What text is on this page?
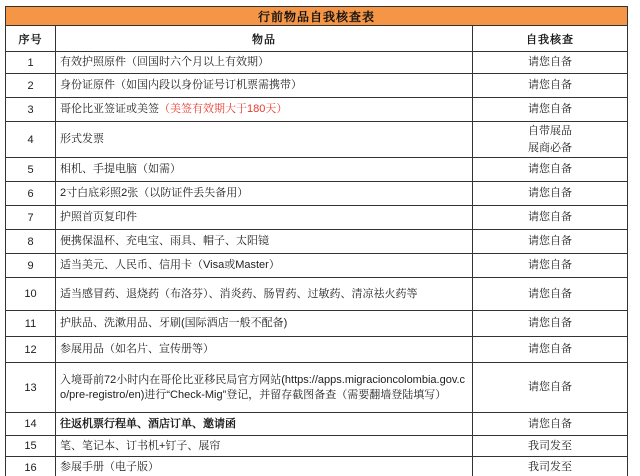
行前物品自我核查表		
序号	物品	自我核查
1	有效护照原件（回国时六个月以上有效期）	请您自备
2	身份证原件（如国内段以身份证号订机票需携带）	请您自备
3	哥伦比亚签证或美签（美签有效期大于180天）	请您自备
4	形式发票	自带展品
展商必备

5	相机、手提电脑（如需）	请您自备
6	2寸白底彩照2张（以防证件丢失备用）	请您自备
7	护照首页复印件	请您自备
8	便携保温杯、充电宝、雨具、帽子、太阳镜	请您自备
9	适当美元、人民币、信用卡（Visa或Master）	请您自备
10	适当感冒药、退烧药（布洛芬）、消炎药、肠胃药、过敏药、清凉祛火药等	请您自备
11	护肤品、洗漱用品、牙刷(国际酒店一般不配备)	请您自备
12	参展用品（如名片、宣传册等）	请您自备
13	入境哥前72小时内在哥伦比亚移民局官方网站(https://apps.migracioncolombia.gov.co/pre-registro/en)进行“Check-Mig”登记，并留存截图备查（需要翻墙登陆填写）	请您自备
14	往返机票行程单、酒店订单、邀请函	请您自备
15	笔、笔记本、订书机+钉子、展帘	我司发至
16	参展手册（电子版）	我司发至
